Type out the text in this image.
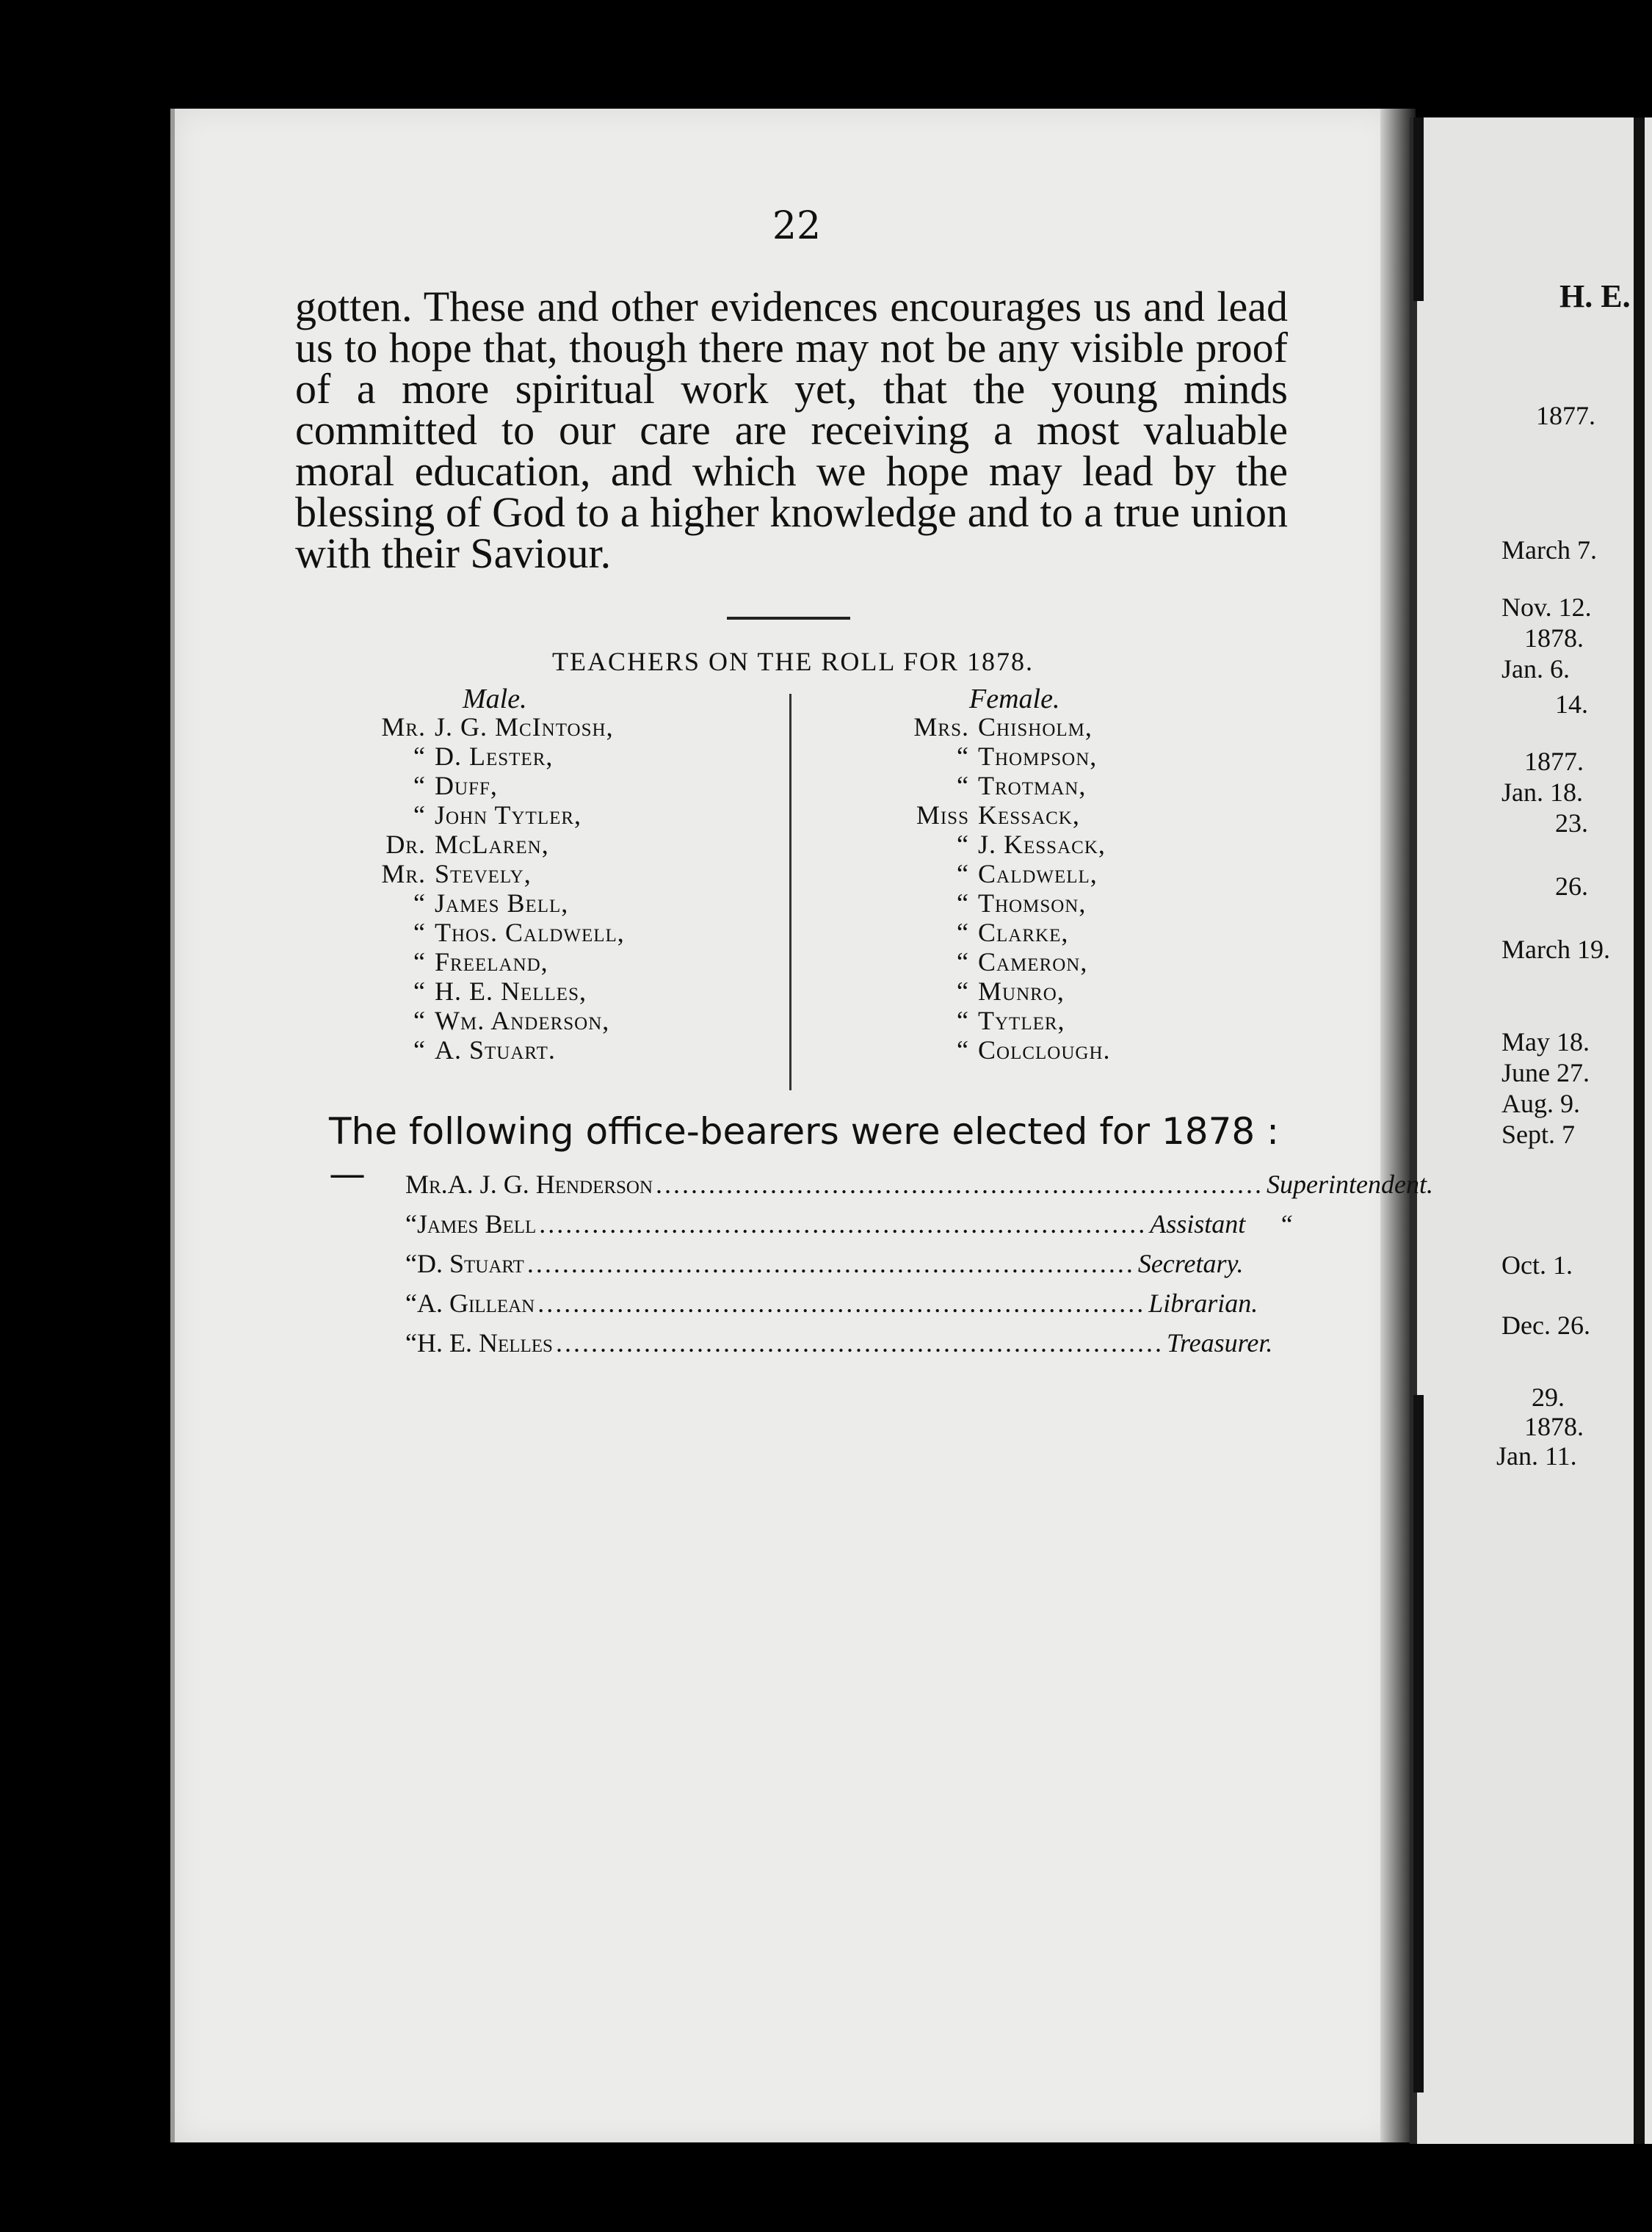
22

gotten. These and other evidences encourages us and lead us to hope that, though there may not be any visible proof of a more spiritual work yet, that the young minds committed to our care are receiving a most valuable moral education, and which we hope may lead by the blessing of God to a higher knowledge and to a true union with their Saviour.

TEACHERS ON THE ROLL FOR 1878.
Male.	Female.
Mr. J. G. McIntosh,
“ D. Lester,
“ Duff,
“ John Tytler,
Dr. McLaren,
Mr. Stevely,
“ James Bell,
“ Thos. Caldwell,
“ Freeland,
“ H. E. Nelles,
“ Wm. Anderson,
“ A. Stuart.
Mrs. Chisholm,
“ Thompson,
“ Trotman,
Miss Kessack,
“ J. Kessack,
“ Caldwell,
“ Thomson,
“ Clarke,
“ Cameron,
“ Munro,
“ Tytler,
“ Colclough.
The following office-bearers were elected for 1878 :—	Mr. A. J. G. Henderson ..................................................................... Superintendent.
“ James Bell ..................................................................... Assistant     “
“ D. Stuart ..................................................................... Secretary.
“ A. Gillean ..................................................................... Librarian.
“ H. E. Nelles ..................................................................... Treasurer.
H. E.
1877.
March 7.
Nov. 12.
1878.
Jan. 6.
14.
1877.
Jan. 18.
23.
26.
March 19.
May 18.
June 27.
Aug. 9.
Sept. 7
Oct. 1.
Dec. 26.
29.
1878.
Jan. 11.
